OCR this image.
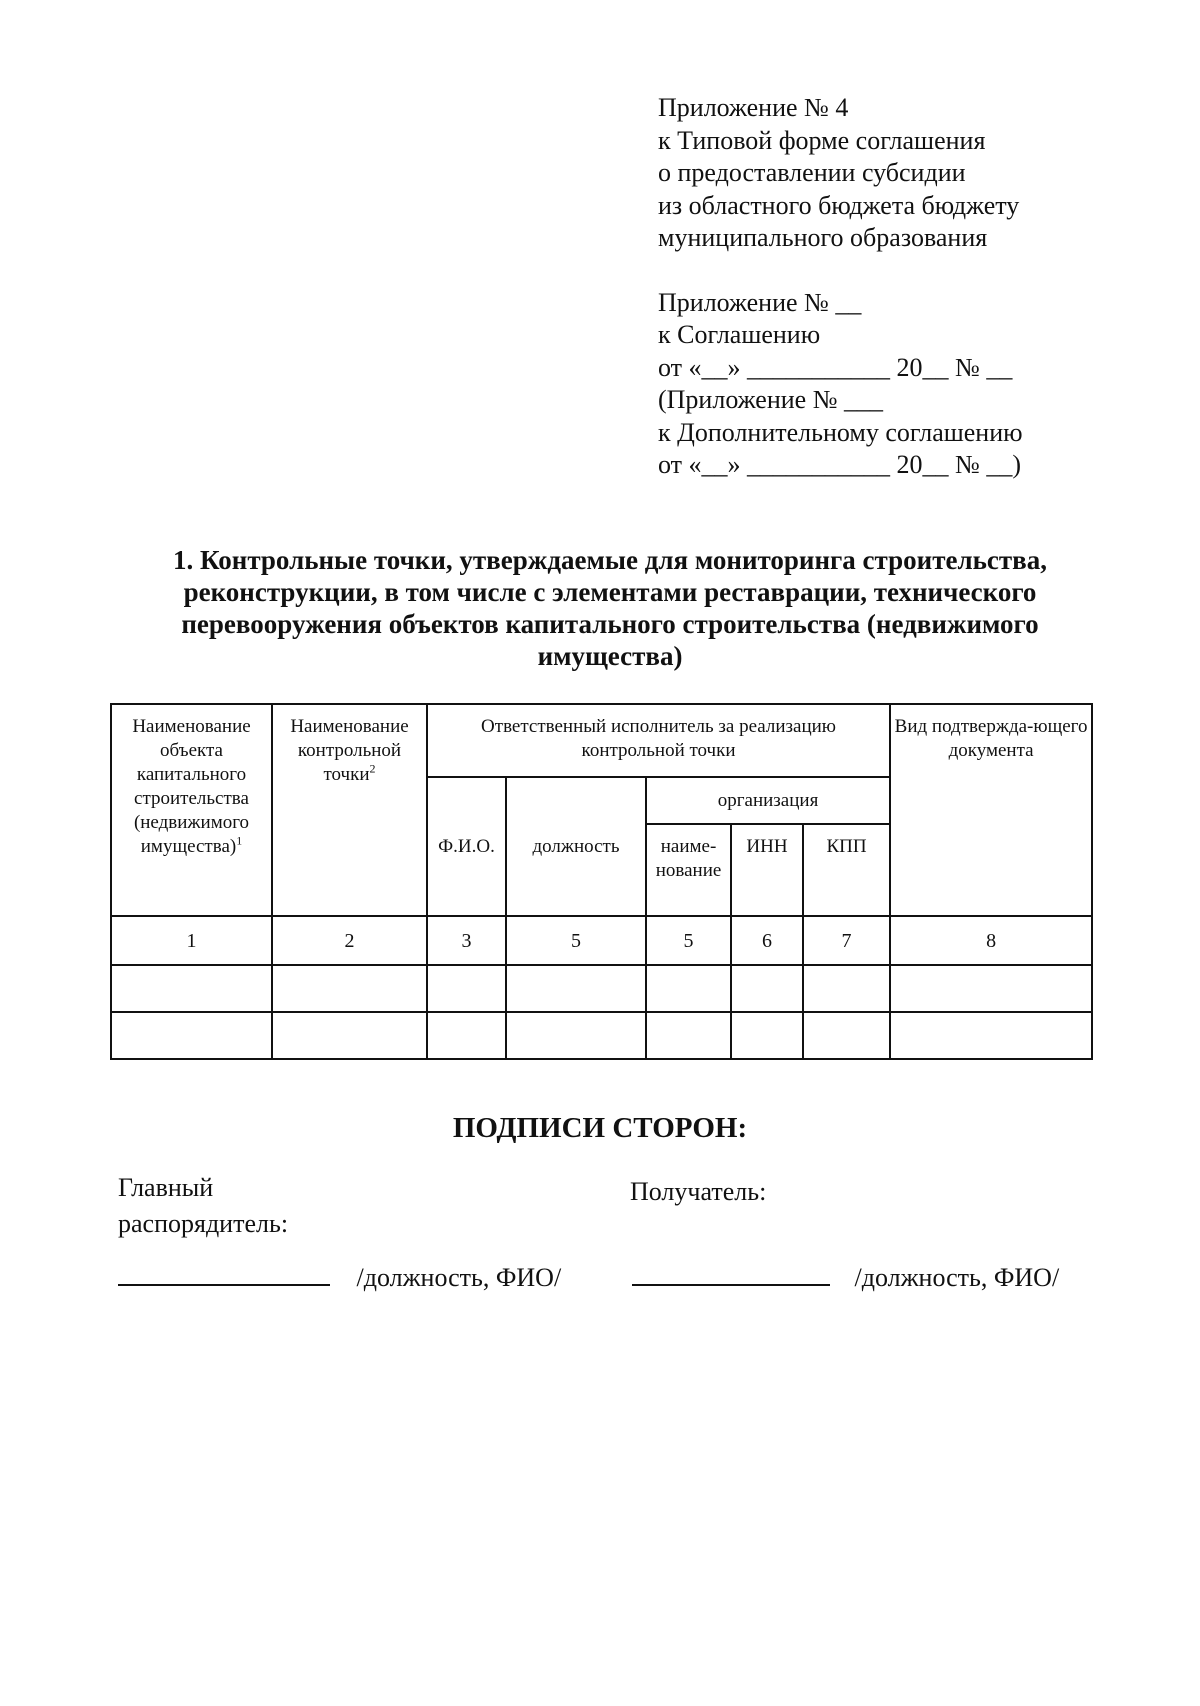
Приложение № 4
к Типовой форме соглашения
о предоставлении субсидии
из областного бюджета бюджету
муниципального образования
Приложение № __
к Соглашению
от «__» ___________ 20__ № __
(Приложение № ___
к Дополнительному соглашению
от «__» ___________ 20__ № __)
1. Контрольные точки, утверждаемые для мониторинга строительства,
реконструкции, в том числе с элементами реставрации, технического
перевооружения объектов капитального строительства (недвижимого
имущества)
Наименование объекта капитального строительства (недвижимого имущества)$^1$	Наименование контрольной точки$^2$	Ответственный исполнитель за реализацию контрольной точки					Вид подтвержда-ющего документа
		Ф.И.О.	должность	организация			
				наиме-нование	ИНН	КПП	
1	2	3	5	5	6	7	8

ПОДПИСИ СТОРОН:
Главный распорядитель:
Получатель:
/должность, ФИО/	/должность, ФИО/
